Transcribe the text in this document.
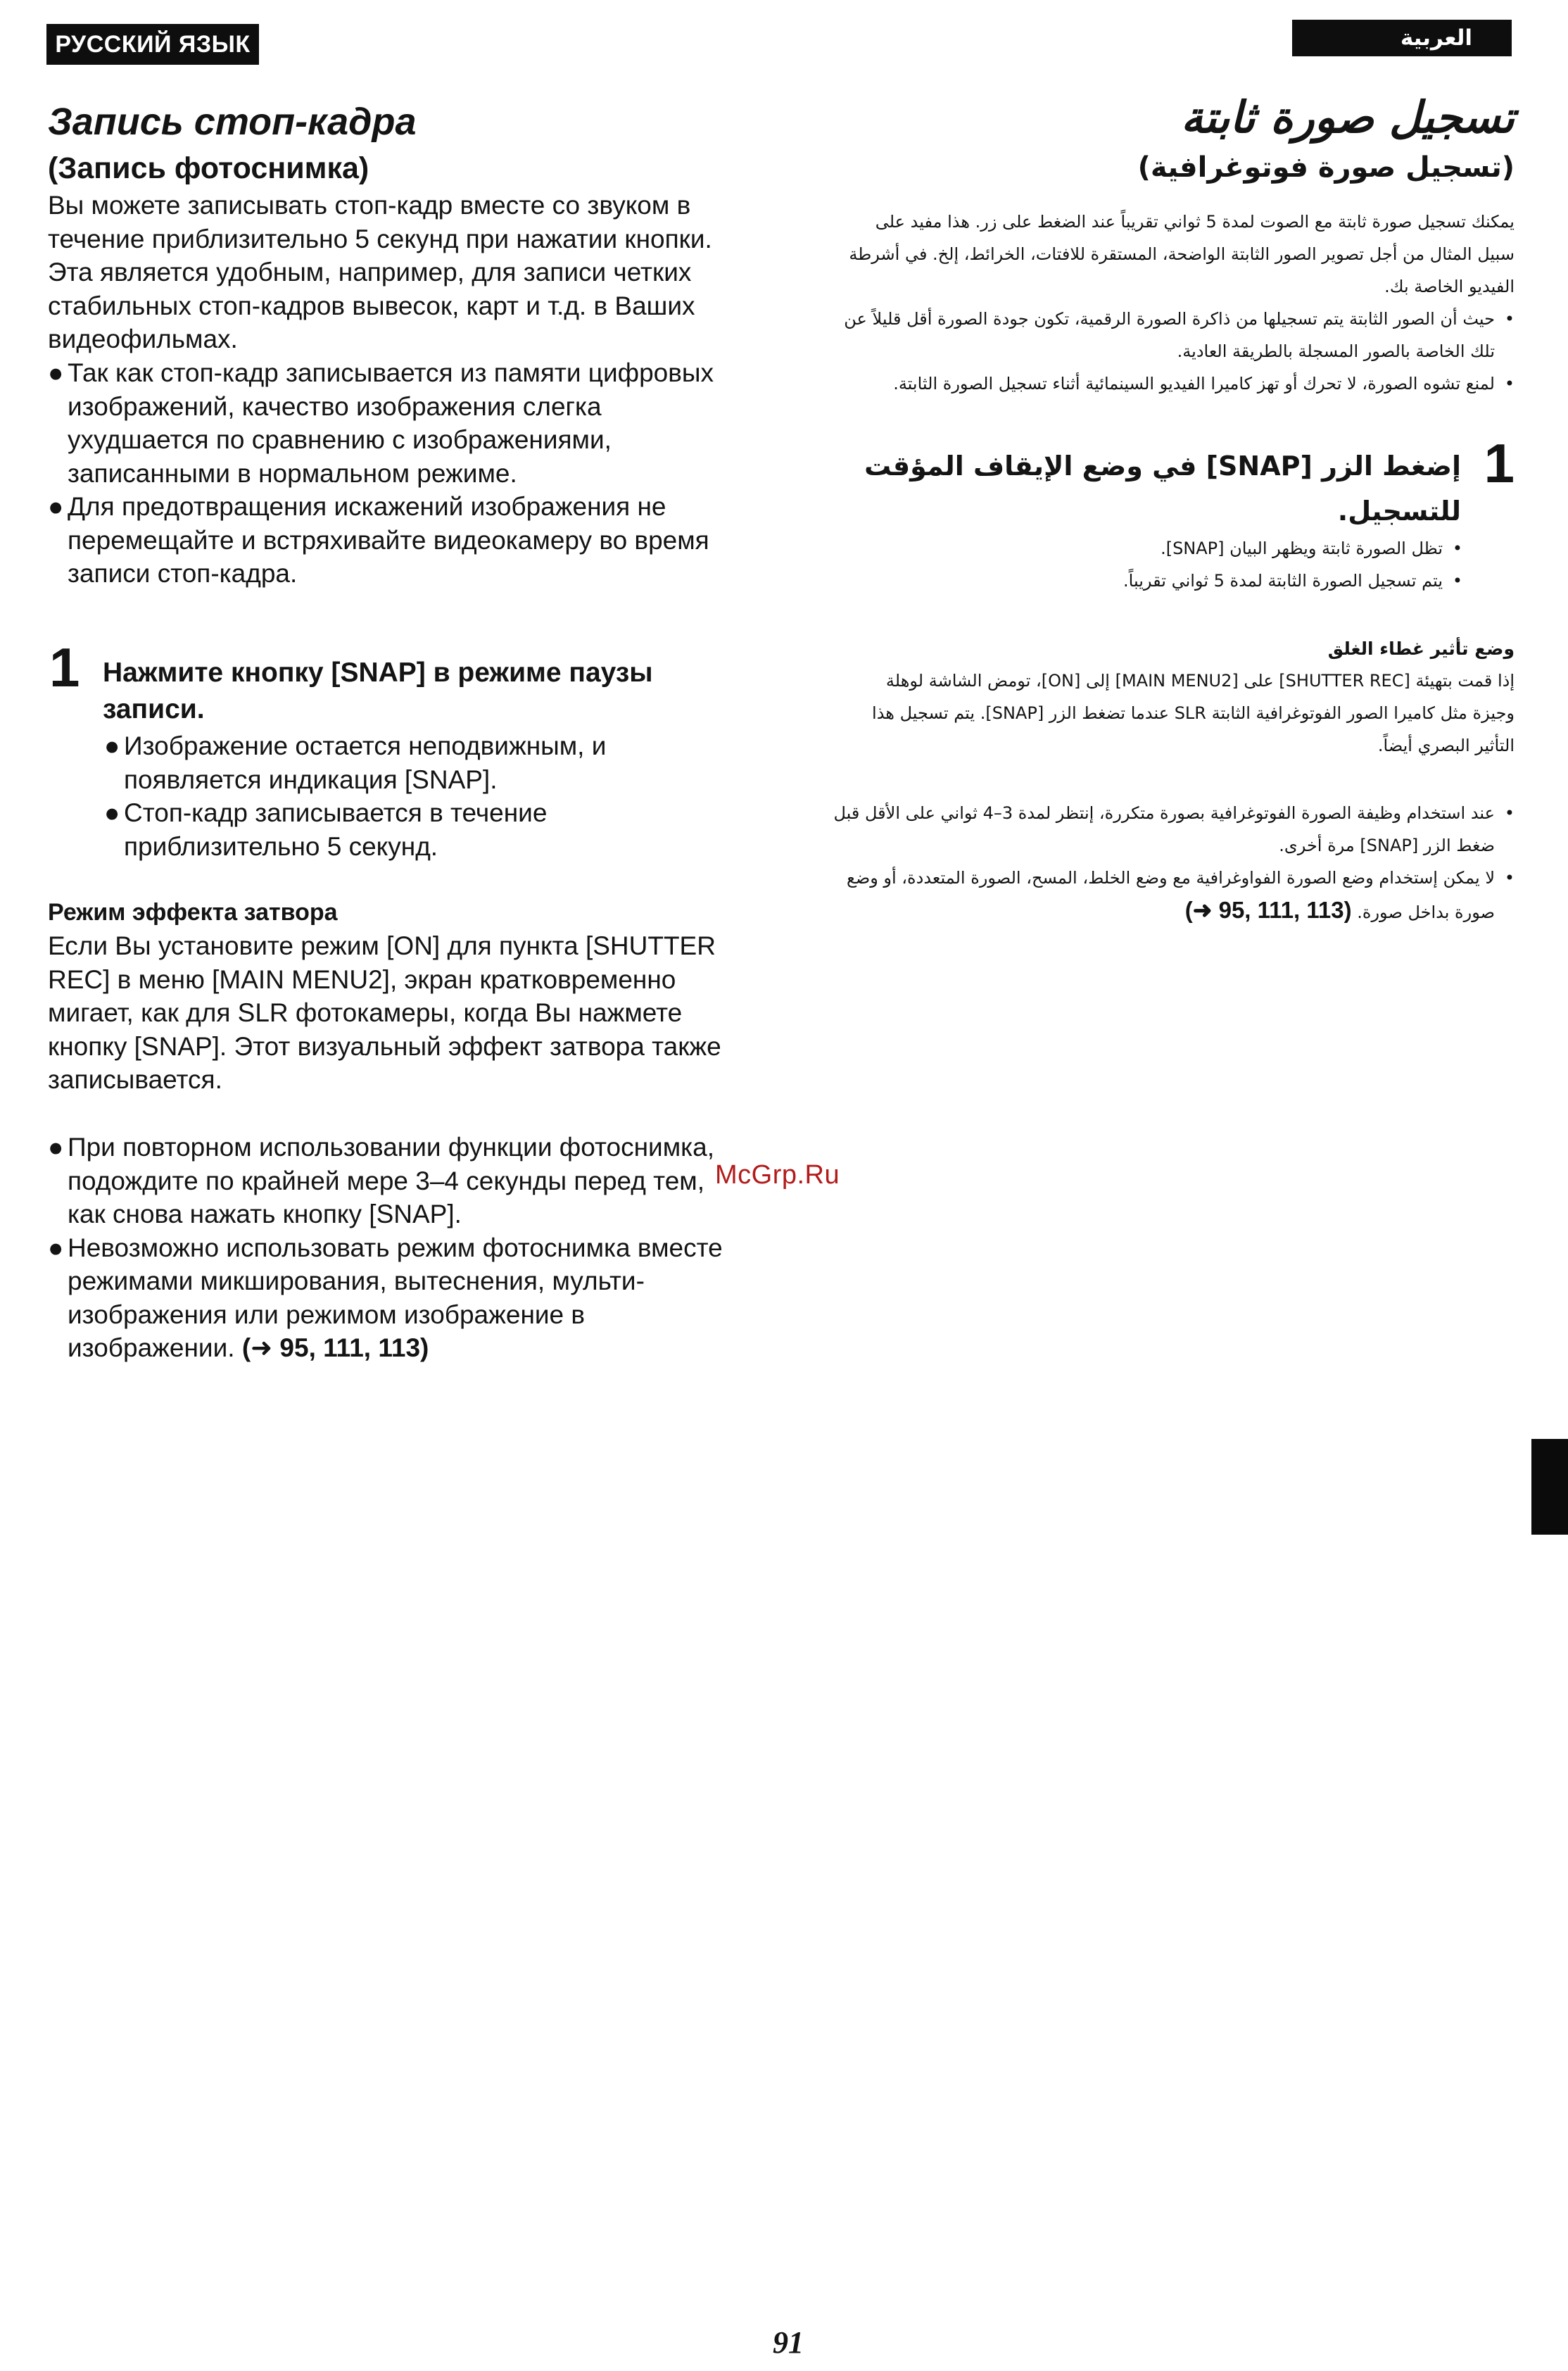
РУССКИЙ ЯЗЫК	العربية
Запись стоп-кадра
(Запись фотоснимка)
Вы можете записывать стоп-кадр вместе со звуком в течение приблизительно 5 секунд при нажатии кнопки. Эта является удобным, например, для записи четких стабильных стоп-кадров вывесок, карт и т.д. в Ваших видеофильмах.
● Так как стоп-кадр записывается из памяти цифровых изображений, качество изображения слегка ухудшается по сравнению с изображениями, записанными в нормальном режиме.
● Для предотвращения искажений изображения не перемещайте и встряхивайте видеокамеру во время записи стоп-кадра.
1 Нажмите кнопку [SNAP] в режиме паузы записи.
● Изображение остается неподвижным, и появляется индикация [SNAP].
● Стоп-кадр записывается в течение приблизительно 5 секунд.
Режим эффекта затвора
Если Вы установите режим [ON] для пункта [SHUTTER REC] в меню [MAIN MENU2], экран кратковременно мигает, как для SLR фотокамеры, когда Вы нажмете кнопку [SNAP]. Этот визуальный эффект затвора также записывается.
● При повторном использовании функции фотоснимка, подождите по крайней мере 3–4 секунды перед тем, как снова нажать кнопку [SNAP].
● Невозможно использовать режим фотоснимка вместе режимами микширования, вытеснения, мульти-изображения или режимом изображение в изображении. (➜ 95, 111, 113)
McGrp.Ru
تسجيل صورة ثابتة
(تسجيل صورة فوتوغرافية)
يمكنك تسجيل صورة ثابتة مع الصوت لمدة 5 ثواني تقريباً عند الضغط على زر. هذا مفيد على سبيل المثال من أجل تصوير الصور الثابتة الواضحة، المستقرة للافتات، الخرائط، إلخ. في أشرطة الفيديو الخاصة بك.
•
حيث أن الصور الثابتة يتم تسجيلها من ذاكرة الصورة الرقمية، تكون جودة الصورة أقل قليلاً عن تلك الخاصة بالصور المسجلة بالطريقة العادية.
•
لمنع تشوه الصورة، لا تحرك أو تهز كاميرا الفيديو السينمائية أثناء تسجيل الصورة الثابتة.
1
إضغط الزر [SNAP] في وضع الإيقاف المؤقت للتسجيل.
•
تظل الصورة ثابتة ويظهر البيان [SNAP].
•
يتم تسجيل الصورة الثابتة لمدة 5 ثواني تقريباً.
وضع تأثير غطاء الغلق
إذا قمت بتهيئة [SHUTTER REC] على [MAIN MENU2] إلى [ON]، تومض الشاشة لوهلة وجيزة مثل كاميرا الصور الفوتوغرافية الثابتة SLR عندما تضغط الزر [SNAP]. يتم تسجيل هذا التأثير البصري أيضاً.
•
عند استخدام وظيفة الصورة الفوتوغرافية بصورة متكررة، إنتظر لمدة 3–4 ثواني على الأقل قبل ضغط الزر [SNAP] مرة أخرى.
•
لا يمكن إستخدام وضع الصورة الفواوغرافية مع وضع الخلط، المسح، الصورة المتعددة، أو وضع صورة بداخل صورة. (➜ 95, 111, 113)
91
